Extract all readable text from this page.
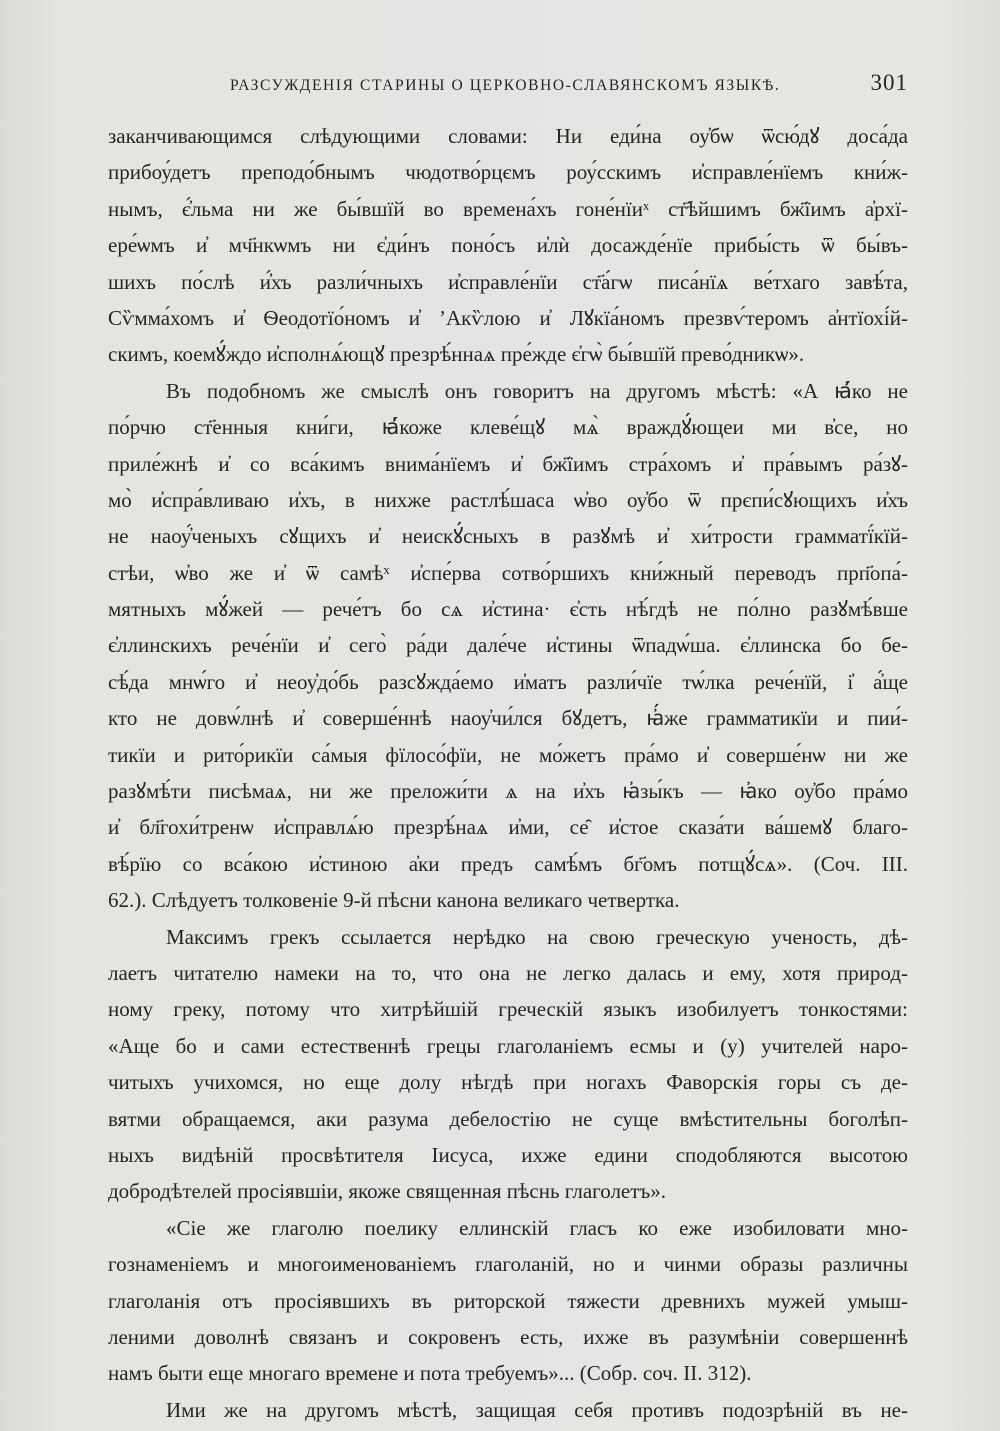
РАЗСУЖДЕНІЯ СТАРИНЫ О ЦЕРКОВНО-СЛАВЯНСКОМЪ ЯЗЫКѢ.	301

заканчивающимся слѣдующими словами: Ни еди́на оу҆бѡ ѿсю́дꙋ доса́да
прибоу́детъ преподо́бнымъ чюдотво́рцємъ роу́сскимъ и҆справле́нїемъ кни́ж-
нымъ, є҆́льма ни же бы́вшїй во времена́хъ гоне́нїиˣ ст҃ѣйшимъ бж҃їимъ а҆рхї-
ере́ѡмъ и҆ мч҃нкѡмъ ни є҆ди́нъ поно́съ и҆лѝ досажде́нїе прибы́сть ѿ бы́въ-
шихъ по́слѣ и҆́хъ разли́чныхъ и҆справле́нїи ст҃а́гѡ писа́нїѧ ве́тхаго завѣ́та,
Сѷмма́хомъ и҆ Ѳеодотїо́номъ и҆ ʼАкѷлою и҆ Лꙋкїа́номъ презвѵ́теромъ а҆нтїохі́й-
скимъ, коемꙋ́ждо и҆сполнѧ́ющꙋ презрѣ́ннаѧ пре́жде є҆гѡ̀ бы́вшїй прево́дникѡ».

Въ подобномъ же смыслѣ онъ говоритъ на другомъ мѣстѣ: «А ꙗ҆́ко не
по́рчю ст҃енныя кни́ги, ꙗ҆́коже клеве́щꙋ мѧ̀ враждꙋ́ющеи ми в҆се, но
приле́жнѣ и҆ со вса́кимъ внима́нїемъ и҆ бж҃їимъ стра́хомъ и҆ пра́вымъ ра́зꙋ-
мо̀ и҆спра́вливаю и҆хъ, в нихже растлѣ́шаса ѡ҆во оу҆бо ѿ прєпи́сꙋющихъ и҆хъ
не наоу҆́ченыхъ сꙋщихъ и҆ неискꙋ́сныхъ в разꙋмѣ и҆ хи́трости грамматї́кїй-
стѣи, ѡ҆во же и҆ ѿ самѣˣ и҆спе́рва сотво́ршихъ кни́жный переводъ прп҃опа́-
мятныхъ мꙋ́жей — рече́тъ бо сѧ и҆стина· є҆сть нѣ́гдѣ не по́лно разꙋмѣ́вше
є҆ллинскихъ рече́нїи и҆ сего̀ ра́ди дале́че и҆стины ѿпадѡ́ша. є҆ллинска бо бе-
сѣ́да мнѡ́го и҆ неоу҆до́бь разсꙋжда́емо и҆матъ разли́чїе тѡ́лка рече́нїй, і҆ а҆́ще
кто не довѡ́лнѣ и҆ соверше́ннѣ наоу҆чи́лся бꙋдетъ, ꙗ҆́же грамматикїи и пии́-
тикїи и рито́рикїи са́мыя фїлосо́фїи, не мо́жетъ пра́мо и҆ соверше́нѡ ни же
разꙋмѣ́ти писѣмаѧ, ни же преложи́ти ѧ на и҆хъ ꙗ҆зы́къ — ꙗ҆ко оу҆бо пра́мо
и҆ бл҃гохи́тренѡ и҆справлѧ́ю презрѣ́наѧ и҆ми, се̑ и҆стое сказа́ти ва́шемꙋ благо-
вѣ́рїю со вса́кою и҆стиною а҆ки предъ самѣ́мъ бг҃омъ потщꙋ́сѧ». (Соч. III.
62.). Слѣдуетъ толковеніе 9-й пѣсни канона великаго четвертка.

Максимъ грекъ ссылается нерѣдко на свою греческую ученость, дѣ-
лаетъ читателю намеки на то, что она не легко далась и ему, хотя природ-
ному греку, потому что хитрѣйшій греческій языкъ изобилуетъ тонкостями:
«Аще бо и сами естественнѣ грецы глаголаніемъ есмы и (у) учителей наро-
читыхъ учихомся, но еще долу нѣгдѣ при ногахъ Фаворскія горы съ де-
вятми обращаемся, аки разума дебелостію не суще вмѣстительны боголѣп-
ныхъ видѣній просвѣтителя Іисуса, ихже едини сподобляются высотою
добродѣтелей просіявшіи, якоже священная пѣснь глаголетъ».

«Сіе же глаголю поелику еллинскій гласъ ко еже изобиловати мно-
гознаменіемъ и многоименованіемъ глаголаній, но и чинми образы различны
глаголанія отъ просіявшихъ въ риторской тяжести древнихъ мужей умыш-
леними доволнѣ связанъ и сокровенъ есть, ихже въ разумѣніи совершеннѣ
намъ быти еще многаго времене и пота требуемъ»... (Собр. соч. II. 312).

Ими же на другомъ мѣстѣ, защищая себя противъ подозрѣній въ не-
